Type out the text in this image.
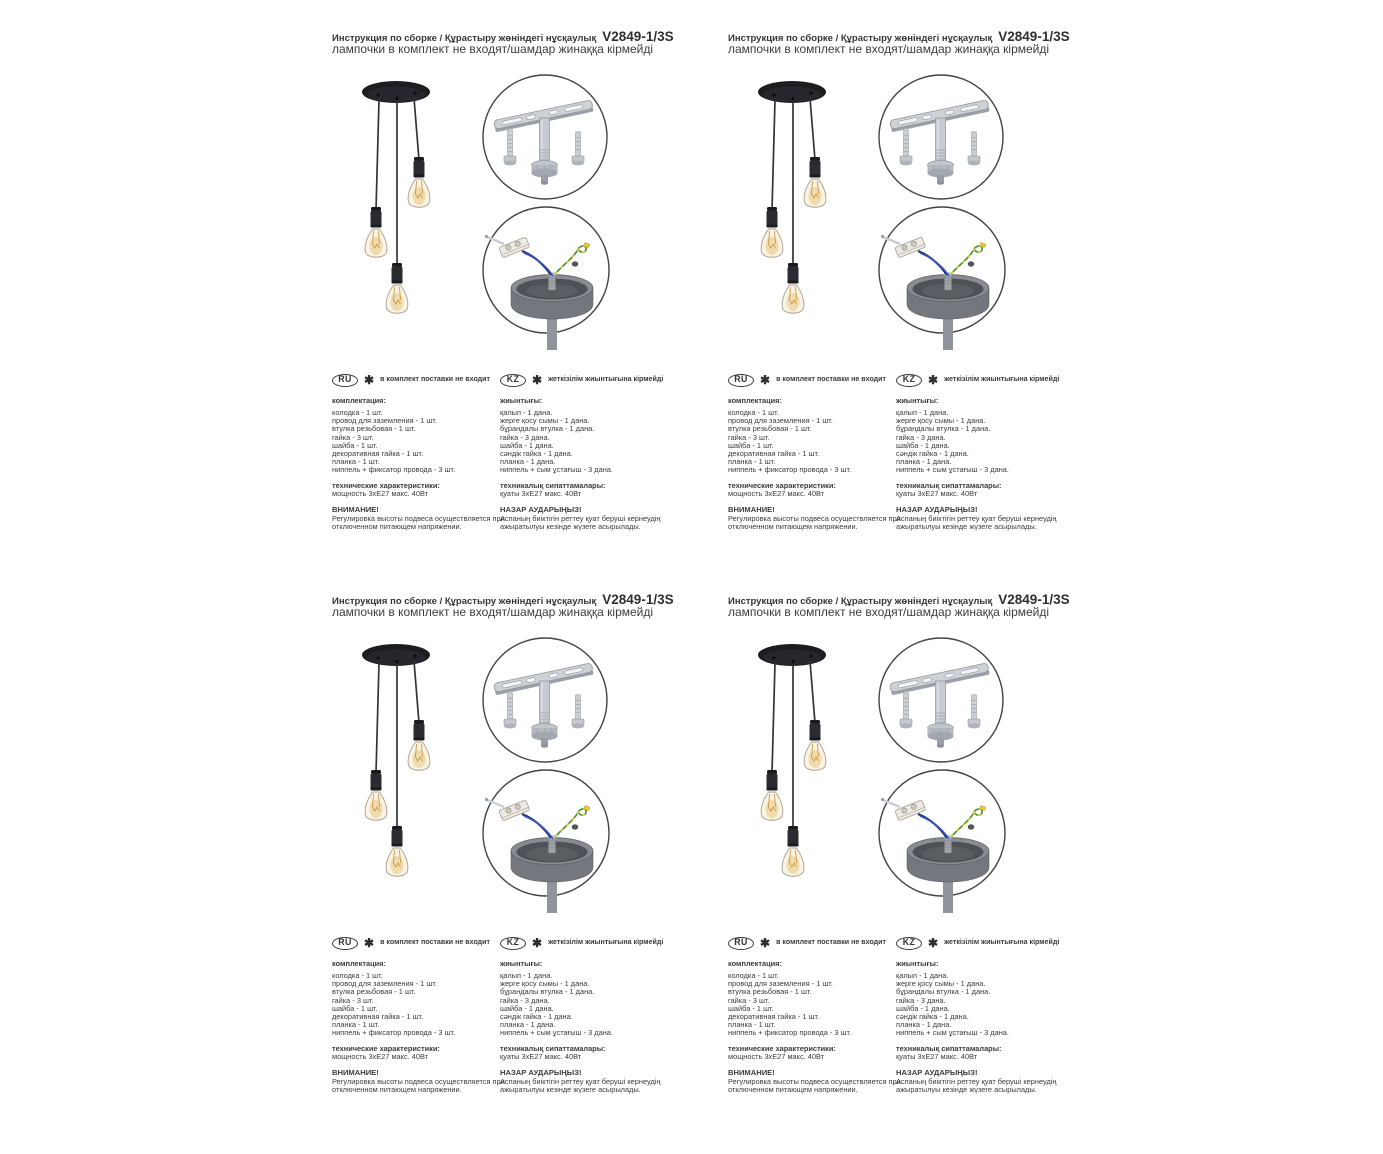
Инструкция по сборке / Құрастыру жөніндегі нұсқаулық V2849-1/3S
лампочки в комплект не входят/шамдар жинаққа кірмейді
RU	✱ в комплект поставки не входит
комплектация:
колодка - 1 шт.
провод для заземления - 1 шт.
втулка резьбовая - 1 шт.
гайка - 3 шт.
шайба - 1 шт.
декоративная гайка - 1 шт.
планка - 1 шт.
ниппель + фиксатор провода - 3 шт.
технические характеристики:
мощность 3хЕ27 макс. 40Вт
ВНИМАНИЕ!
Регулировка высоты подвеса осуществляется при отключенном питающем напряжении.
KZ	✱ жеткізілім жиынтығына кірмейді
жиынтығы:
қалып - 1 дана.
жерге қосу сымы - 1 дана.
бұрандалы втулка - 1 дана.
гайка - 3 дана.
шайба - 1 дана.
сәндік гайка - 1 дана.
планка - 1 дана.
ниппель + сым ұстағыш - 3 дана.
техникалық сипаттамалары:
қуаты 3хЕ27 макс. 40Вт
НАЗАР АУДАРЫҢЫЗ!
Аспаның биіктігін реттеу қуат беруші кернеудің ажыратылуы кезінде жүзеге асырылады.
Инструкция по сборке / Құрастыру жөніндегі нұсқаулық V2849-1/3S
лампочки в комплект не входят/шамдар жинаққа кірмейді
RU	✱ в комплект поставки не входит
комплектация:
колодка - 1 шт.
провод для заземления - 1 шт.
втулка резьбовая - 1 шт.
гайка - 3 шт.
шайба - 1 шт.
декоративная гайка - 1 шт.
планка - 1 шт.
ниппель + фиксатор провода - 3 шт.
технические характеристики:
мощность 3хЕ27 макс. 40Вт
ВНИМАНИЕ!
Регулировка высоты подвеса осуществляется при отключенном питающем напряжении.
KZ	✱ жеткізілім жиынтығына кірмейді
жиынтығы:
қалып - 1 дана.
жерге қосу сымы - 1 дана.
бұрандалы втулка - 1 дана.
гайка - 3 дана.
шайба - 1 дана.
сәндік гайка - 1 дана.
планка - 1 дана.
ниппель + сым ұстағыш - 3 дана.
техникалық сипаттамалары:
қуаты 3хЕ27 макс. 40Вт
НАЗАР АУДАРЫҢЫЗ!
Аспаның биіктігін реттеу қуат беруші кернеудің ажыратылуы кезінде жүзеге асырылады.
Инструкция по сборке / Құрастыру жөніндегі нұсқаулық V2849-1/3S
лампочки в комплект не входят/шамдар жинаққа кірмейді
RU	✱ в комплект поставки не входит
комплектация:
колодка - 1 шт.
провод для заземления - 1 шт.
втулка резьбовая - 1 шт.
гайка - 3 шт.
шайба - 1 шт.
декоративная гайка - 1 шт.
планка - 1 шт.
ниппель + фиксатор провода - 3 шт.
технические характеристики:
мощность 3хЕ27 макс. 40Вт
ВНИМАНИЕ!
Регулировка высоты подвеса осуществляется при отключенном питающем напряжении.
KZ	✱ жеткізілім жиынтығына кірмейді
жиынтығы:
қалып - 1 дана.
жерге қосу сымы - 1 дана.
бұрандалы втулка - 1 дана.
гайка - 3 дана.
шайба - 1 дана.
сәндік гайка - 1 дана.
планка - 1 дана.
ниппель + сым ұстағыш - 3 дана.
техникалық сипаттамалары:
қуаты 3хЕ27 макс. 40Вт
НАЗАР АУДАРЫҢЫЗ!
Аспаның биіктігін реттеу қуат беруші кернеудің ажыратылуы кезінде жүзеге асырылады.
Инструкция по сборке / Құрастыру жөніндегі нұсқаулық V2849-1/3S
лампочки в комплект не входят/шамдар жинаққа кірмейді
RU	✱ в комплект поставки не входит
комплектация:
колодка - 1 шт.
провод для заземления - 1 шт.
втулка резьбовая - 1 шт.
гайка - 3 шт.
шайба - 1 шт.
декоративная гайка - 1 шт.
планка - 1 шт.
ниппель + фиксатор провода - 3 шт.
технические характеристики:
мощность 3хЕ27 макс. 40Вт
ВНИМАНИЕ!
Регулировка высоты подвеса осуществляется при отключенном питающем напряжении.
KZ	✱ жеткізілім жиынтығына кірмейді
жиынтығы:
қалып - 1 дана.
жерге қосу сымы - 1 дана.
бұрандалы втулка - 1 дана.
гайка - 3 дана.
шайба - 1 дана.
сәндік гайка - 1 дана.
планка - 1 дана.
ниппель + сым ұстағыш - 3 дана.
техникалық сипаттамалары:
қуаты 3хЕ27 макс. 40Вт
НАЗАР АУДАРЫҢЫЗ!
Аспаның биіктігін реттеу қуат беруші кернеудің ажыратылуы кезінде жүзеге асырылады.
